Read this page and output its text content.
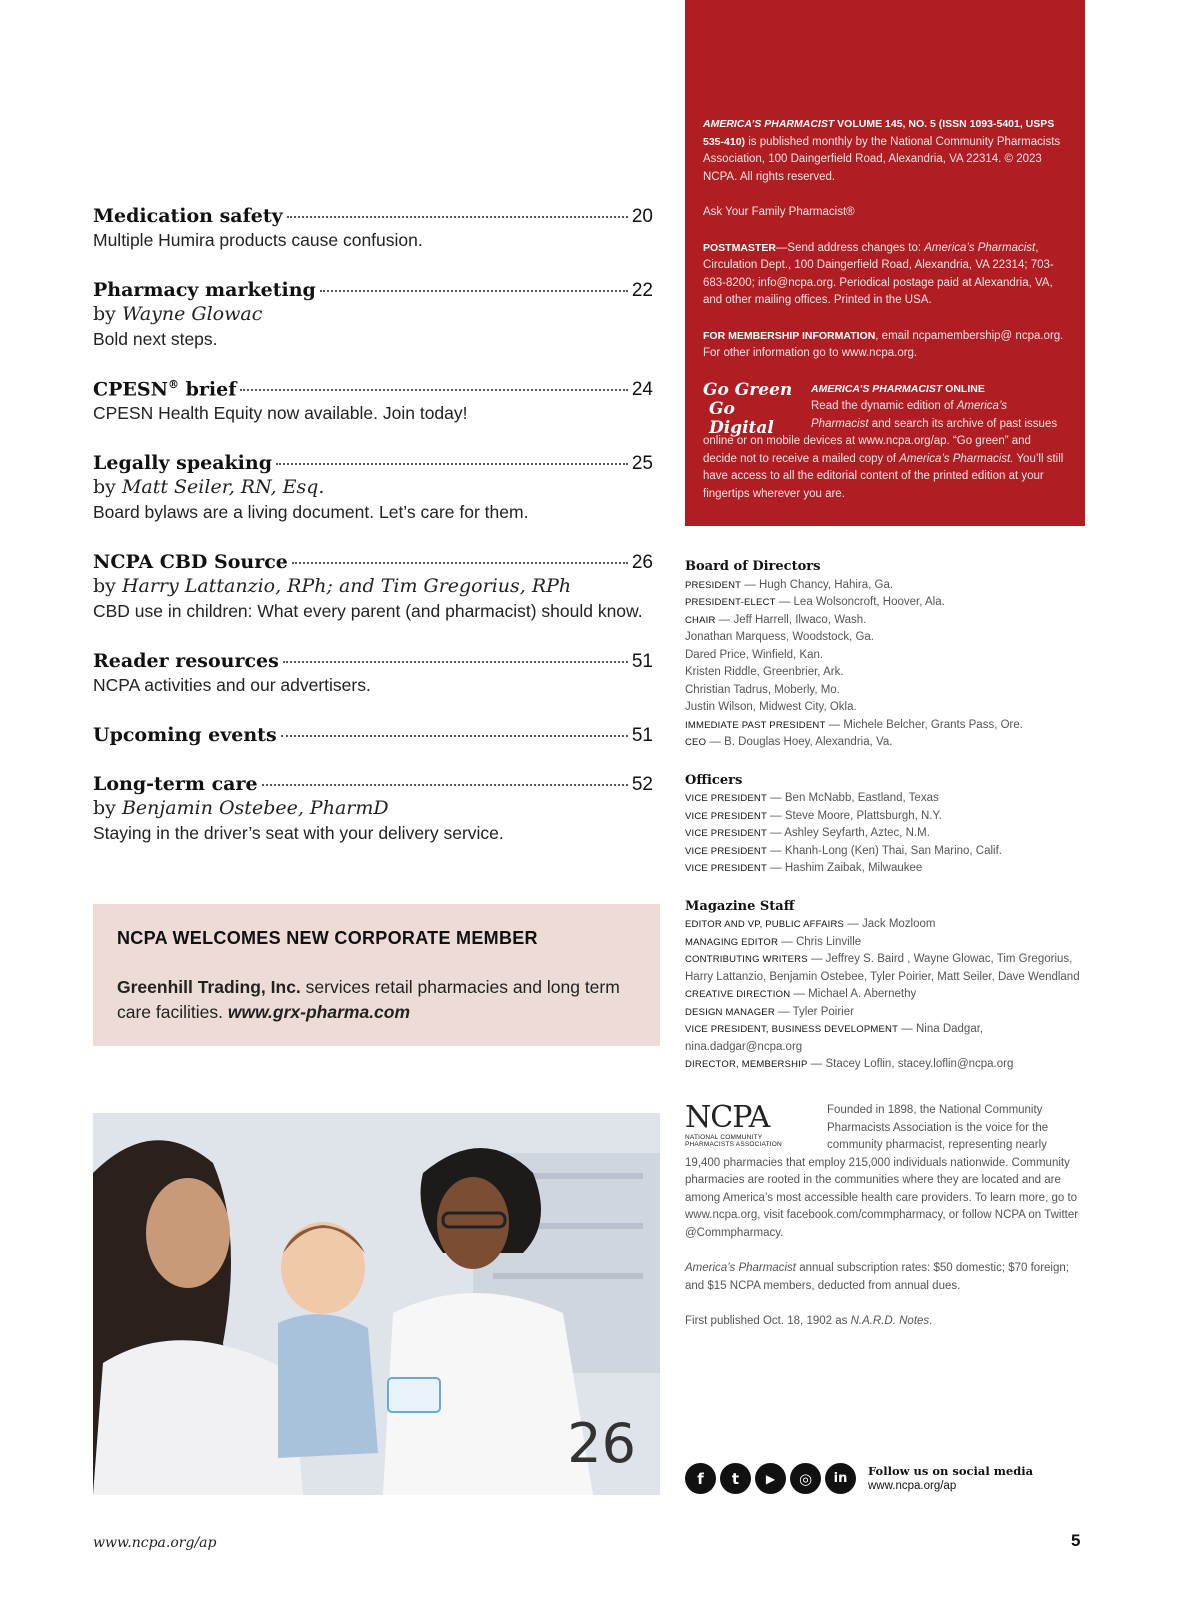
Medication safety	20
Multiple Humira products cause confusion.
Pharmacy marketing	22
by Wayne Glowac
Bold next steps.
CPESN® brief	24
CPESN Health Equity now available. Join today!
Legally speaking	25
by Matt Seiler, RN, Esq.
Board bylaws are a living document. Let’s care for them.
NCPA CBD Source	26
by Harry Lattanzio, RPh; and Tim Gregorius, RPh
CBD use in children: What every parent (and pharmacist) should know.
Reader resources	51
NCPA activities and our advertisers.
Upcoming events	51
Long-term care	52
by Benjamin Ostebee, PharmD
Staying in the driver’s seat with your delivery service.
NCPA WELCOMES NEW CORPORATE MEMBER
Greenhill Trading, Inc. services retail pharmacies and long term care facilities. www.grx-pharma.com
26

AMERICA’S PHARMACIST VOLUME 145, NO. 5 (ISSN 1093-5401, USPS 535-410) is published monthly by the National Community Pharmacists Association, 100 Daingerfield Road, Alexandria, VA 22314. © 2023 NCPA. All rights reserved.

Ask Your Family Pharmacist®

POSTMASTER—Send address changes to: America’s Pharmacist, Circulation Dept., 100 Daingerfield Road, Alexandria, VA 22314; 703-683-8200; info@ncpa.org. Periodical postage paid at Alexandria, VA, and other mailing offices. Printed in the USA.

FOR MEMBERSHIP INFORMATION, email ncpamembership@ ncpa.org. For other information go to www.ncpa.org.

Go Green
Go Digital
AMERICA’S PHARMACIST ONLINE
Read the dynamic edition of America’s Pharmacist and search its archive of past issues online or on mobile devices at www.ncpa.org/ap. “Go green” and decide not to receive a mailed copy of America’s Pharmacist. You’ll still have access to all the editorial content of the printed edition at your fingertips wherever you are.
Board of Directors
PRESIDENT — Hugh Chancy, Hahira, Ga.
PRESIDENT-ELECT — Lea Wolsoncroft, Hoover, Ala.
CHAIR — Jeff Harrell, Ilwaco, Wash.
Jonathan Marquess, Woodstock, Ga.
Dared Price, Winfield, Kan.
Kristen Riddle, Greenbrier, Ark.
Christian Tadrus, Moberly, Mo.
Justin Wilson, Midwest City, Okla.
IMMEDIATE PAST PRESIDENT — Michele Belcher, Grants Pass, Ore.
CEO — B. Douglas Hoey, Alexandria, Va.
Officers
VICE PRESIDENT — Ben McNabb, Eastland, Texas
VICE PRESIDENT — Steve Moore, Plattsburgh, N.Y.
VICE PRESIDENT — Ashley Seyfarth, Aztec, N.M.
VICE PRESIDENT — Khanh-Long (Ken) Thai, San Marino, Calif.
VICE PRESIDENT — Hashim Zaibak, Milwaukee
Magazine Staff
EDITOR AND VP, PUBLIC AFFAIRS — Jack Mozloom
MANAGING EDITOR — Chris Linville
CONTRIBUTING WRITERS — Jeffrey S. Baird , Wayne Glowac, Tim Gregorius, Harry Lattanzio, Benjamin Ostebee, Tyler Poirier, Matt Seiler, Dave Wendland
CREATIVE DIRECTION — Michael A. Abernethy
DESIGN MANAGER — Tyler Poirier
VICE PRESIDENT, BUSINESS DEVELOPMENT — Nina Dadgar, nina.dadgar@ncpa.org
DIRECTOR, MEMBERSHIP — Stacey Loflin, stacey.loflin@ncpa.org
NCPA
NATIONAL COMMUNITY
PHARMACISTS ASSOCIATION

Founded in 1898, the National Community Pharmacists Association is the voice for the community pharmacist, representing nearly 19,400 pharmacies that employ 215,000 individuals nationwide. Community pharmacies are rooted in the communities where they are located and are among America’s most accessible health care providers. To learn more, go to www.ncpa.org, visit facebook.com/commpharmacy, or follow NCPA on Twitter @Commpharmacy.

America’s Pharmacist annual subscription rates: $50 domestic; $70 foreign; and $15 NCPA members, deducted from annual dues.

First published Oct. 18, 1902 as N.A.R.D. Notes.

f	t	▶	◎	in
Follow us on social media
www.ncpa.org/ap
www.ncpa.org/ap	5
